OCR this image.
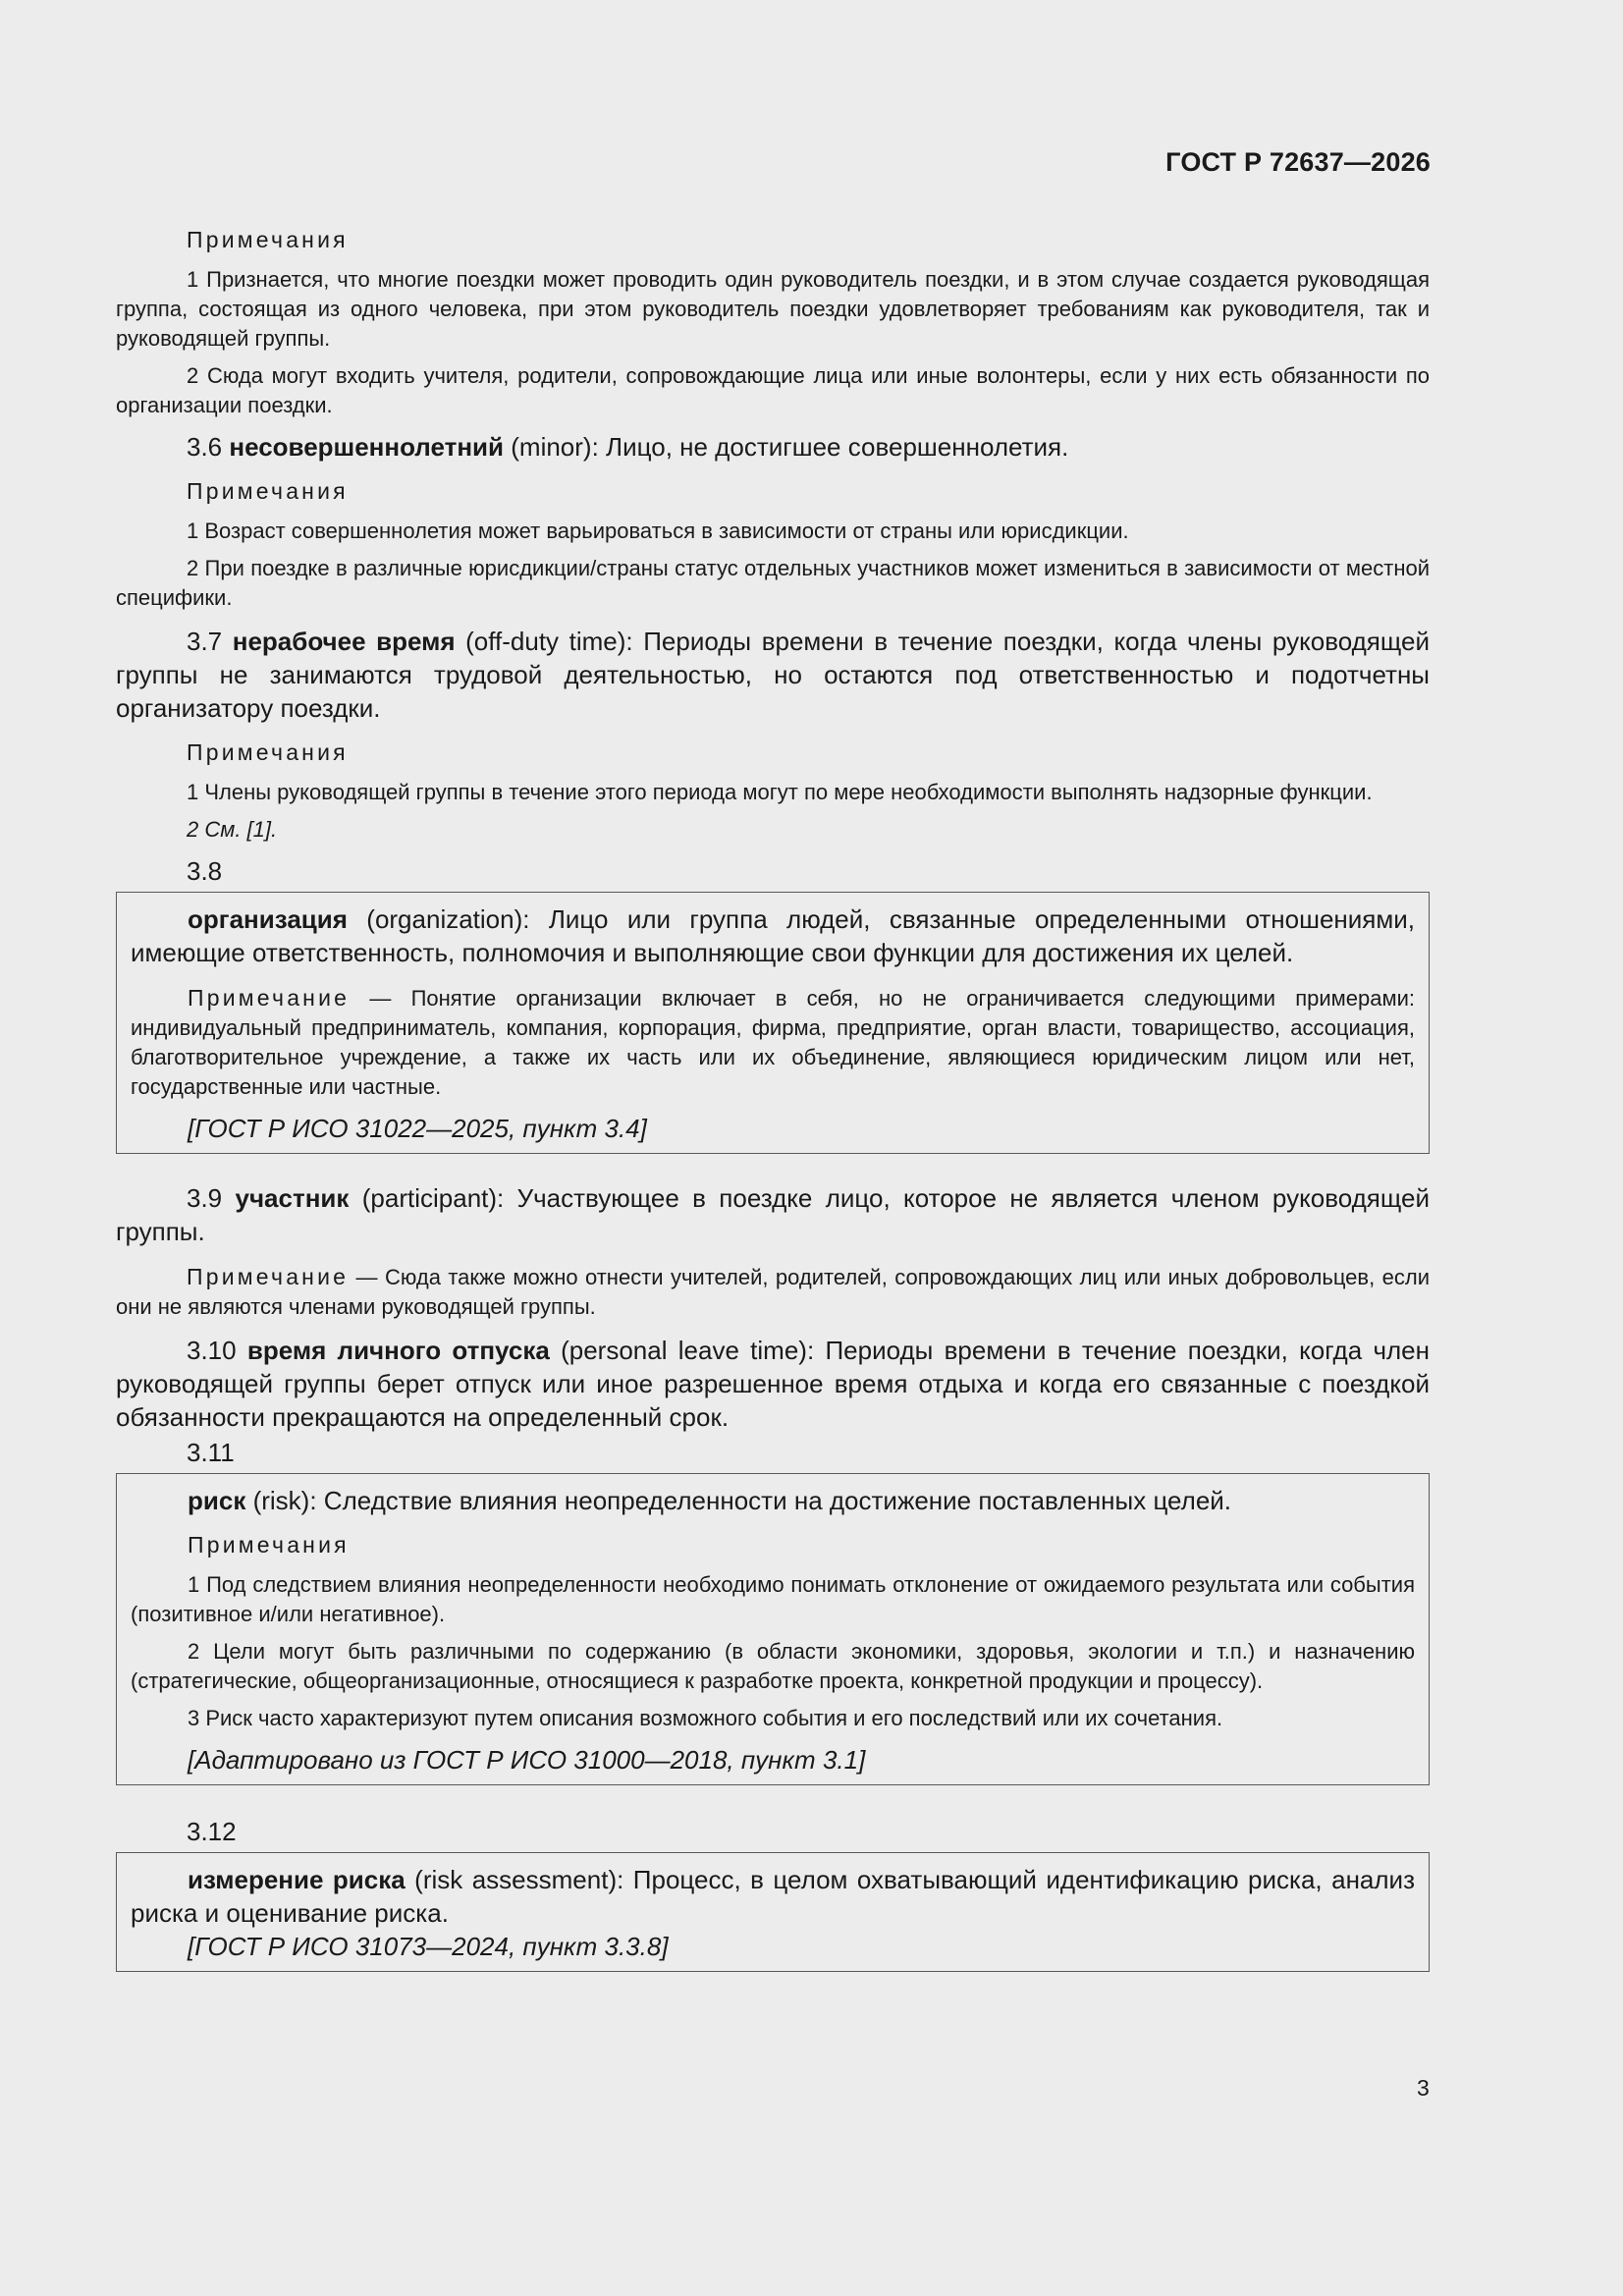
ГОСТ Р 72637—2026

Примечания

1 Признается, что многие поездки может проводить один руководитель поездки, и в этом случае создается руководящая группа, состоящая из одного человека, при этом руководитель поездки удовлетворяет требованиям как руководителя, так и руководящей группы.

2 Сюда могут входить учителя, родители, сопровождающие лица или иные волонтеры, если у них есть обязанности по организации поездки.

3.6 несовершеннолетний (minor): Лицо, не достигшее совершеннолетия.

Примечания

1 Возраст совершеннолетия может варьироваться в зависимости от страны или юрисдикции.

2 При поездке в различные юрисдикции/страны статус отдельных участников может измениться в зависимости от местной специфики.

3.7 нерабочее время (off-duty time): Периоды времени в течение поездки, когда члены руководящей группы не занимаются трудовой деятельностью, но остаются под ответственностью и подотчетны организатору поездки.

Примечания

1 Члены руководящей группы в течение этого периода могут по мере необходимости выполнять надзорные функции.

2 См. [1].

3.8

организация (organization): Лицо или группа людей, связанные определенными отношениями, имеющие ответственность, полномочия и выполняющие свои функции для достижения их целей.

Примечание — Понятие организации включает в себя, но не ограничивается следующими примерами: индивидуальный предприниматель, компания, корпорация, фирма, предприятие, орган власти, товарищество, ассоциация, благотворительное учреждение, а также их часть или их объединение, являющиеся юридическим лицом или нет, государственные или частные.

[ГОСТ Р ИСО 31022—2025, пункт 3.4]

3.9 участник (participant): Участвующее в поездке лицо, которое не является членом руководящей группы.

Примечание — Сюда также можно отнести учителей, родителей, сопровождающих лиц или иных добровольцев, если они не являются членами руководящей группы.

3.10 время личного отпуска (personal leave time): Периоды времени в течение поездки, когда член руководящей группы берет отпуск или иное разрешенное время отдыха и когда его связанные с поездкой обязанности прекращаются на определенный срок.

3.11

риск (risk): Следствие влияния неопределенности на достижение поставленных целей.

Примечания

1 Под следствием влияния неопределенности необходимо понимать отклонение от ожидаемого результата или события (позитивное и/или негативное).

2 Цели могут быть различными по содержанию (в области экономики, здоровья, экологии и т.п.) и назначению (стратегические, общеорганизационные, относящиеся к разработке проекта, конкретной продукции и процессу).

3 Риск часто характеризуют путем описания возможного события и его последствий или их сочетания.

[Адаптировано из ГОСТ Р ИСО 31000—2018, пункт 3.1]

3.12

измерение риска (risk assessment): Процесс, в целом охватывающий идентификацию риска, анализ риска и оценивание риска.

[ГОСТ Р ИСО 31073—2024, пункт 3.3.8]

3
